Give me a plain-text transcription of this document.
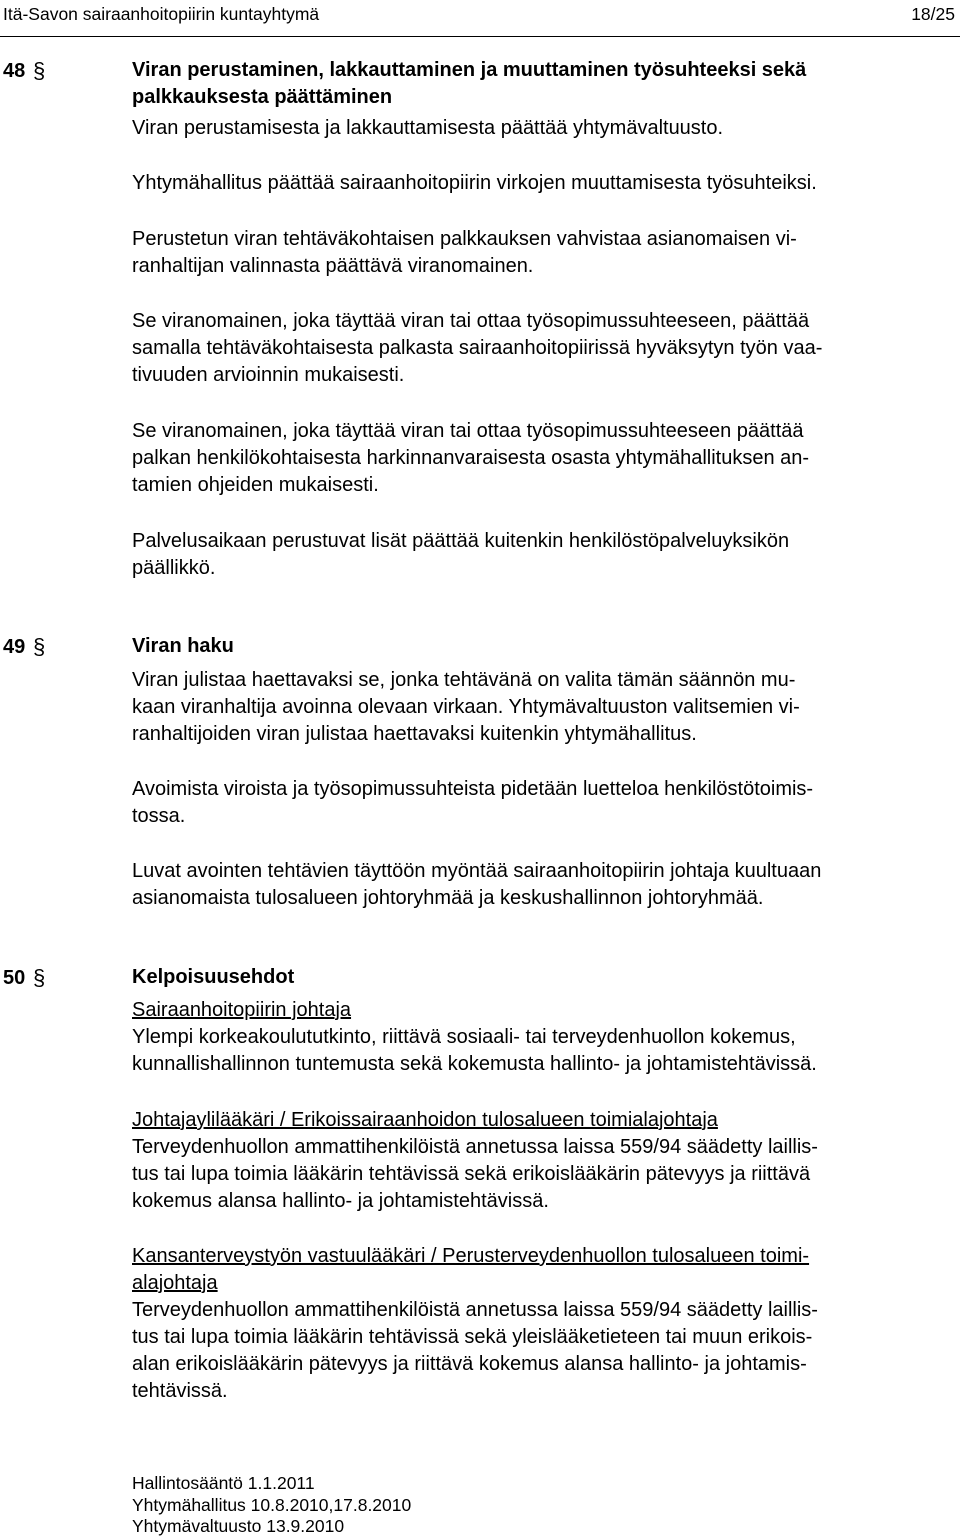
Itä-Savon sairaanhoitopiirin kuntayhtymä	18/25
48 §	Viran perustaminen, lakkauttaminen ja muuttaminen työsuhteeksi sekä
palkkauksesta päättäminen

Viran perustamisesta ja lakkauttamisesta päättää yhtymävaltuusto.

Yhtymähallitus päättää sairaanhoitopiirin virkojen muuttamisesta työsuhteiksi.

Perustetun viran tehtäväkohtaisen palkkauksen vahvistaa asianomaisen vi-
ranhaltijan valinnasta päättävä viranomainen.

Se viranomainen, joka täyttää viran tai ottaa työsopimussuhteeseen, päättää
samalla tehtäväkohtaisesta palkasta sairaanhoitopiirissä hyväksytyn työn vaa-
tivuuden arvioinnin mukaisesti.

Se viranomainen, joka täyttää viran tai ottaa työsopimussuhteeseen päättää
palkan henkilökohtaisesta harkinnanvaraisesta osasta yhtymähallituksen an-
tamien ohjeiden mukaisesti.

Palvelusaikaan perustuvat lisät päättää kuitenkin henkilöstöpalveluyksikön
päällikkö.

49 §	Viran haku

Viran julistaa haettavaksi se, jonka tehtävänä on valita tämän säännön mu-
kaan viranhaltija avoinna olevaan virkaan. Yhtymävaltuuston valitsemien vi-
ranhaltijoiden viran julistaa haettavaksi kuitenkin yhtymähallitus.

Avoimista viroista ja työsopimussuhteista pidetään luetteloa henkilöstötoimis-
tossa.

Luvat avointen tehtävien täyttöön myöntää sairaanhoitopiirin johtaja kuultuaan
asianomaista tulosalueen johtoryhmää ja keskushallinnon johtoryhmää.

50 §	Kelpoisuusehdot

Sairaanhoitopiirin johtaja
Ylempi korkeakoulututkinto, riittävä sosiaali- tai terveydenhuollon kokemus,
kunnallishallinnon tuntemusta sekä kokemusta hallinto- ja johtamistehtävissä.

Johtajaylilääkäri / Erikoissairaanhoidon tulosalueen toimialajohtaja
Terveydenhuollon ammattihenkilöistä annetussa laissa 559/94 säädetty laillis-
tus tai lupa toimia lääkärin tehtävissä sekä erikoislääkärin pätevyys ja riittävä
kokemus alansa hallinto- ja johtamistehtävissä.

Kansanterveystyön vastuulääkäri / Perusterveydenhuollon tulosalueen toimi-
alajohtaja
Terveydenhuollon ammattihenkilöistä annetussa laissa 559/94 säädetty laillis-
tus tai lupa toimia lääkärin tehtävissä sekä yleislääketieteen tai muun erikois-
alan erikoislääkärin pätevyys ja riittävä kokemus alansa hallinto- ja johtamis-
tehtävissä.

Hallintosääntö 1.1.2011
Yhtymähallitus 10.8.2010,17.8.2010
Yhtymävaltuusto 13.9.2010
